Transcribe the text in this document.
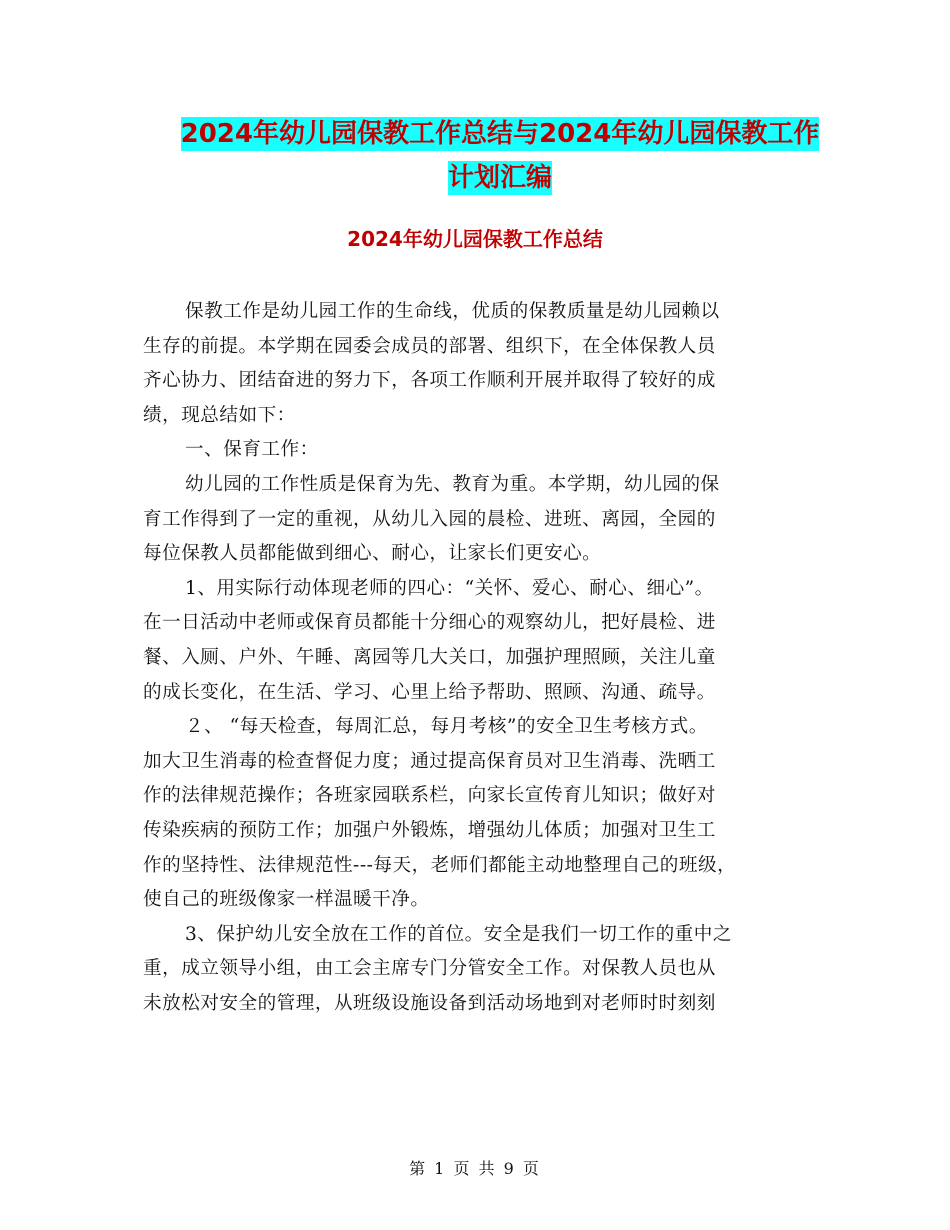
2024年幼儿园保教工作总结与2024年幼儿园保教工作
计划汇编
2024年幼儿园保教工作总结
保教工作是幼儿园工作的生命线，优质的保教质量是幼儿园赖以
生存的前提。本学期在园委会成员的部署、组织下，在全体保教人员
齐心协力、团结奋进的努力下，各项工作顺利开展并取得了较好的成
绩，现总结如下：
一、保育工作：
幼儿园的工作性质是保育为先、教育为重。本学期，幼儿园的保
育工作得到了一定的重视，从幼儿入园的晨检、进班、离园，全园的
每位保教人员都能做到细心、耐心，让家长们更安心。
1、用实际行动体现老师的四心：“关怀、爱心、耐心、细心”。
在一日活动中老师或保育员都能十分细心的观察幼儿，把好晨检、进
餐、入厕、户外、午睡、离园等几大关口，加强护理照顾，关注儿童
的成长变化，在生活、学习、心里上给予帮助、照顾、沟通、疏导。
２、 “每天检查，每周汇总，每月考核”的安全卫生考核方式。
加大卫生消毒的检查督促力度；通过提高保育员对卫生消毒、洗晒工
作的法律规范操作；各班家园联系栏，向家长宣传育儿知识；做好对
传染疾病的预防工作；加强户外锻炼，增强幼儿体质；加强对卫生工
作的坚持性、法律规范性---每天，老师们都能主动地整理自己的班级，
使自己的班级像家一样温暖干净。
3、保护幼儿安全放在工作的首位。安全是我们一切工作的重中之
重，成立领导小组，由工会主席专门分管安全工作。对保教人员也从
未放松对安全的管理，从班级设施设备到活动场地到对老师时时刻刻
第 1 页 共 9 页
